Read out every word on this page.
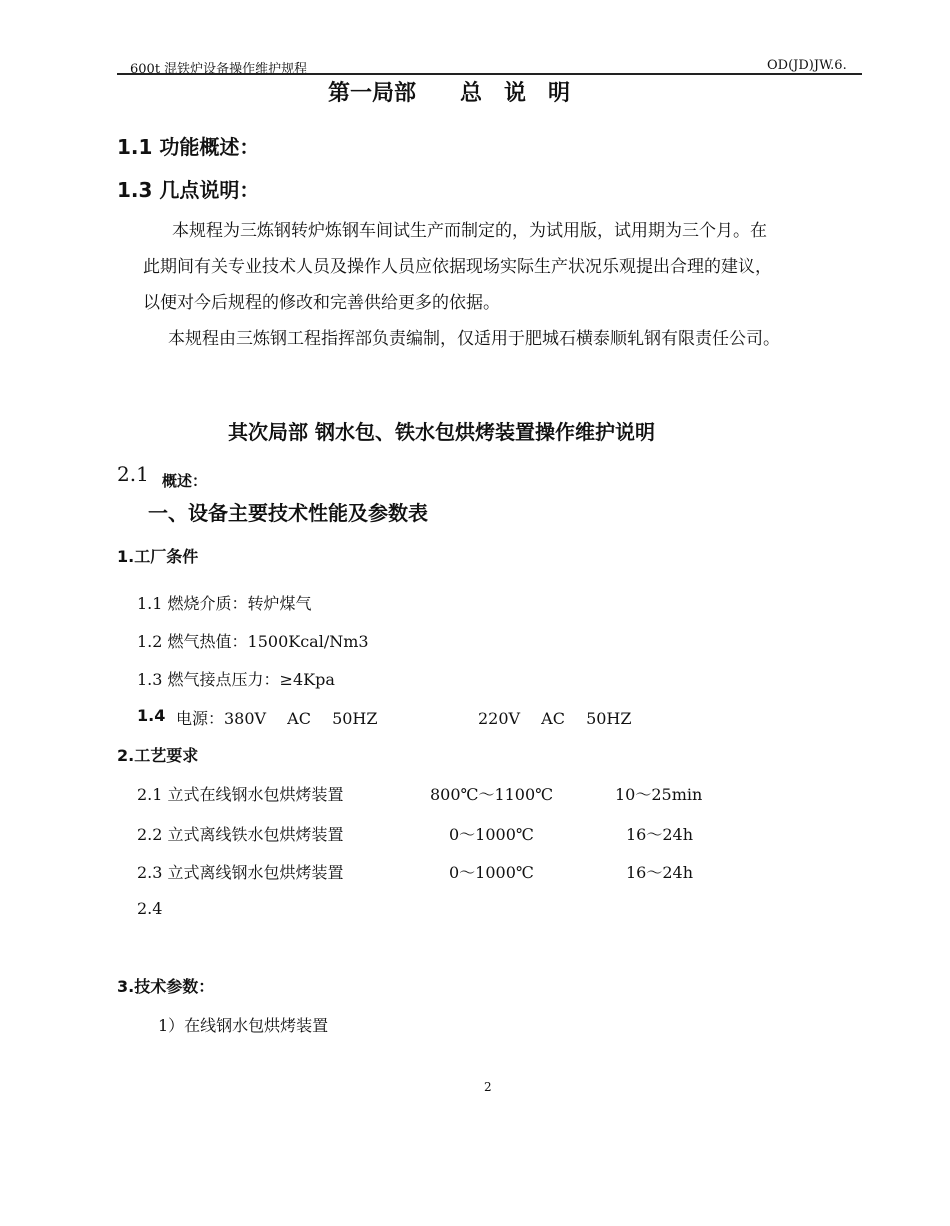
600t 混铁炉设备操作维护规程	OD(JD)JW.6.
第一局部　　总　说　明
1.1 功能概述：
1.3 几点说明：
本规程为三炼钢转炉炼钢车间试生产而制定的，为试用版，试用期为三个月。在
此期间有关专业技术人员及操作人员应依据现场实际生产状况乐观提出合理的建议，
以便对今后规程的修改和完善供给更多的依据。
本规程由三炼钢工程指挥部负责编制，仅适用于肥城石横泰顺轧钢有限责任公司。
其次局部 钢水包、铁水包烘烤装置操作维护说明
2.1 概述：
一、设备主要技术性能及参数表
1.工厂条件
1.1 燃烧介质：转炉煤气
1.2 燃气热值：1500Kcal/Nm3
1.3 燃气接点压力：≥4Kpa
1.4 电源：380V　 AC　 50HZ	220V　 AC　 50HZ
2.工艺要求
2.1 立式在线钢水包烘烤装置	800℃～1100℃	10～25min
2.2 立式离线铁水包烘烤装置	0～1000℃	16～24h
2.3 立式离线钢水包烘烤装置	0～1000℃	16～24h
2.4
3.技术参数：
1）在线钢水包烘烤装置
2
